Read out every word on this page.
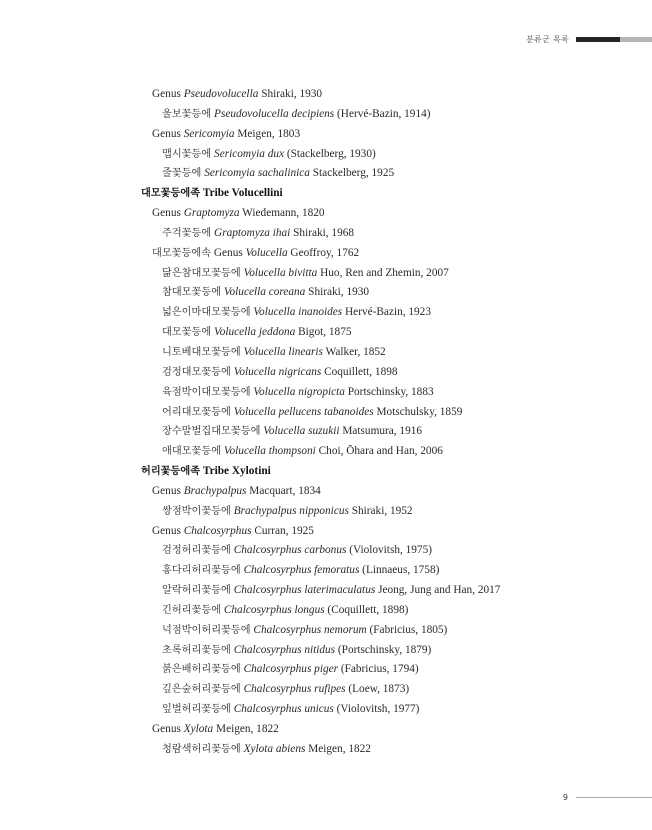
분류군 목록
Genus Pseudovolucella Shiraki, 1930
울보꽃등에 Pseudovolucella decipiens (Hervé-Bazin, 1914)
Genus Sericomyia Meigen, 1803
맵시꽃등에 Sericomyia dux (Stackelberg, 1930)
줄꽃등에 Sericomyia sachalinica Stackelberg, 1925
대모꽃등에족 Tribe Volucellini
Genus Graptomyza Wiedemann, 1820
주걱꽃등에 Graptomyza ihai Shiraki, 1968
대모꽃등에속 Genus Volucella Geoffroy, 1762
닮은참대모꽃등에 Volucella bivitta Huo, Ren and Zhemin, 2007
참대모꽃등에 Volucella coreana Shiraki, 1930
넓은이마대모꽃등에 Volucella inanoides Hervé-Bazin, 1923
대모꽃등에 Volucella jeddona Bigot, 1875
니토베대모꽃등에 Volucella linearis Walker, 1852
검정대모꽃등에 Volucella nigricans Coquillett, 1898
육점박이대모꽃등에 Volucella nigropicta Portschinsky, 1883
어리대모꽃등에 Volucella pellucens tabanoides Motschulsky, 1859
장수말벌집대모꽃등에 Volucella suzukii Matsumura, 1916
애대모꽃등에 Volucella thompsoni Choi, Ōhara and Han, 2006
허리꽃등에족 Tribe Xylotini
Genus Brachypalpus Macquart, 1834
쌍점박이꽃등에 Brachypalpus nipponicus Shiraki, 1952
Genus Chalcosyrphus Curran, 1925
검정허리꽃등에 Chalcosyrphus carbonus (Violovitsh, 1975)
홍다리허리꽃등에 Chalcosyrphus femoratus (Linnaeus, 1758)
알락허리꽃등에 Chalcosyrphus laterimaculatus Jeong, Jung and Han, 2017
긴허리꽃등에 Chalcosyrphus longus (Coquillett, 1898)
넉점박이허리꽃등에 Chalcosyrphus nemorum (Fabricius, 1805)
초록허리꽃등에 Chalcosyrphus nitidus (Portschinsky, 1879)
붉은배허리꽃등에 Chalcosyrphus piger (Fabricius, 1794)
깊은숲허리꽃등에 Chalcosyrphus rufipes (Loew, 1873)
잎벌허리꽃등에 Chalcosyrphus unicus (Violovitsh, 1977)
Genus Xylota Meigen, 1822
청람색허리꽃등에 Xylota abiens Meigen, 1822
9
